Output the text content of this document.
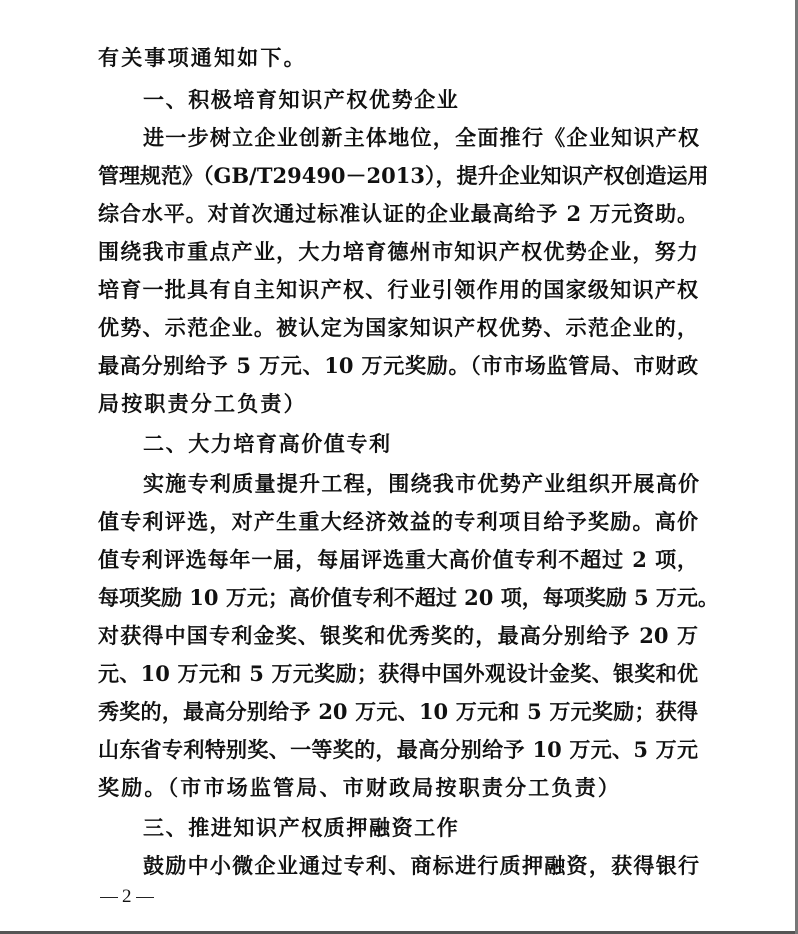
有关事项通知如下。
一、积极培育知识产权优势企业
进一步树立企业创新主体地位，全面推行《企业知识产权
管理规范》（GB/T29490－2013），提升企业知识产权创造运用
综合水平。对首次通过标准认证的企业最高给予 2 万元资助。
围绕我市重点产业，大力培育德州市知识产权优势企业，努力
培育一批具有自主知识产权、行业引领作用的国家级知识产权
优势、示范企业。被认定为国家知识产权优势、示范企业的，
最高分别给予 5 万元、10 万元奖励。（市市场监管局、市财政
局按职责分工负责）
二、大力培育高价值专利
实施专利质量提升工程，围绕我市优势产业组织开展高价
值专利评选，对产生重大经济效益的专利项目给予奖励。高价
值专利评选每年一届，每届评选重大高价值专利不超过 2 项，
每项奖励 10 万元；高价值专利不超过 20 项，每项奖励 5 万元。
对获得中国专利金奖、银奖和优秀奖的，最高分别给予 20 万
元、10 万元和 5 万元奖励；获得中国外观设计金奖、银奖和优
秀奖的，最高分别给予 20 万元、10 万元和 5 万元奖励；获得
山东省专利特别奖、一等奖的，最高分别给予 10 万元、5 万元
奖励。（市市场监管局、市财政局按职责分工负责）
三、推进知识产权质押融资工作
鼓励中小微企业通过专利、商标进行质押融资，获得银行
2
